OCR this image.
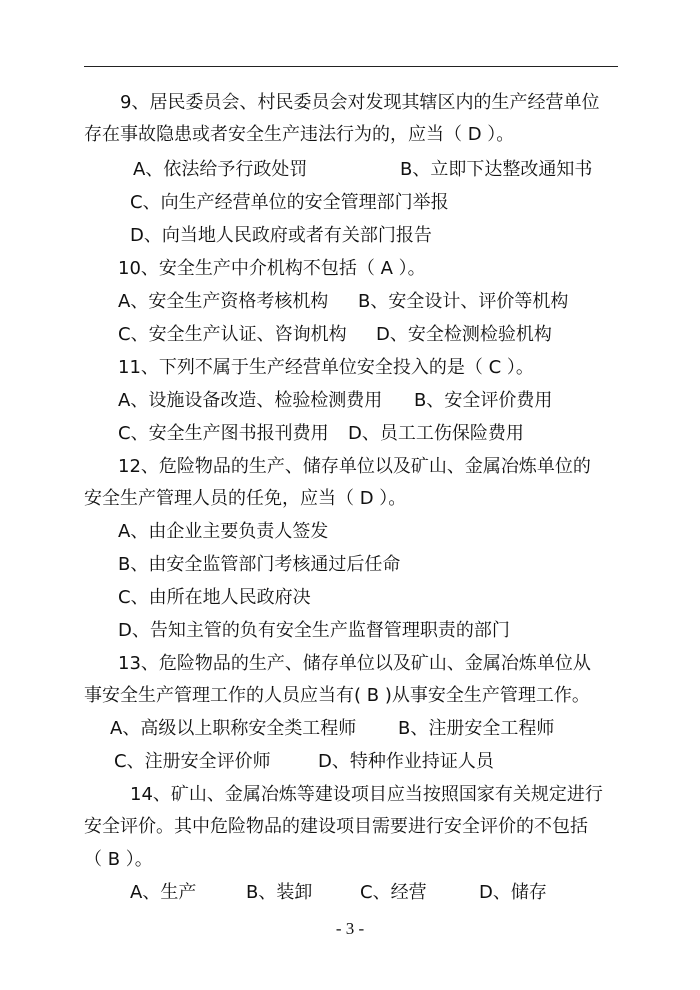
9、居民委员会、村民委员会对发现其辖区内的生产经营单位
存在事故隐患或者安全生产违法行为的，应当（ D ）。
A、依法给予行政处罚	B、立即下达整改通知书
C、向生产经营单位的安全管理部门举报
D、向当地人民政府或者有关部门报告
10、安全生产中介机构不包括（ A ）。
A、安全生产资格考核机构 B、安全设计、评价等机构
C、安全生产认证、咨询机构 D、安全检测检验机构
11、下列不属于生产经营单位安全投入的是（ C ）。
A、设施设备改造、检验检测费用 B、安全评价费用
C、安全生产图书报刊费用 D、员工工伤保险费用
12、危险物品的生产、储存单位以及矿山、金属冶炼单位的
安全生产管理人员的任免，应当（ D ）。
A、由企业主要负责人签发
B、由安全监管部门考核通过后任命
C、由所在地人民政府决
D、告知主管的负有安全生产监督管理职责的部门
13、危险物品的生产、储存单位以及矿山、金属冶炼单位从
事安全生产管理工作的人员应当有( B )从事安全生产管理工作。
A、高级以上职称安全类工程师 B、注册安全工程师
C、注册安全评价师	D、特种作业持证人员
14、矿山、金属冶炼等建设项目应当按照国家有关规定进行
安全评价。其中危险物品的建设项目需要进行安全评价的不包括
（ B ）。
A、生产	B、装卸	C、经营	D、储存
- 3 -
